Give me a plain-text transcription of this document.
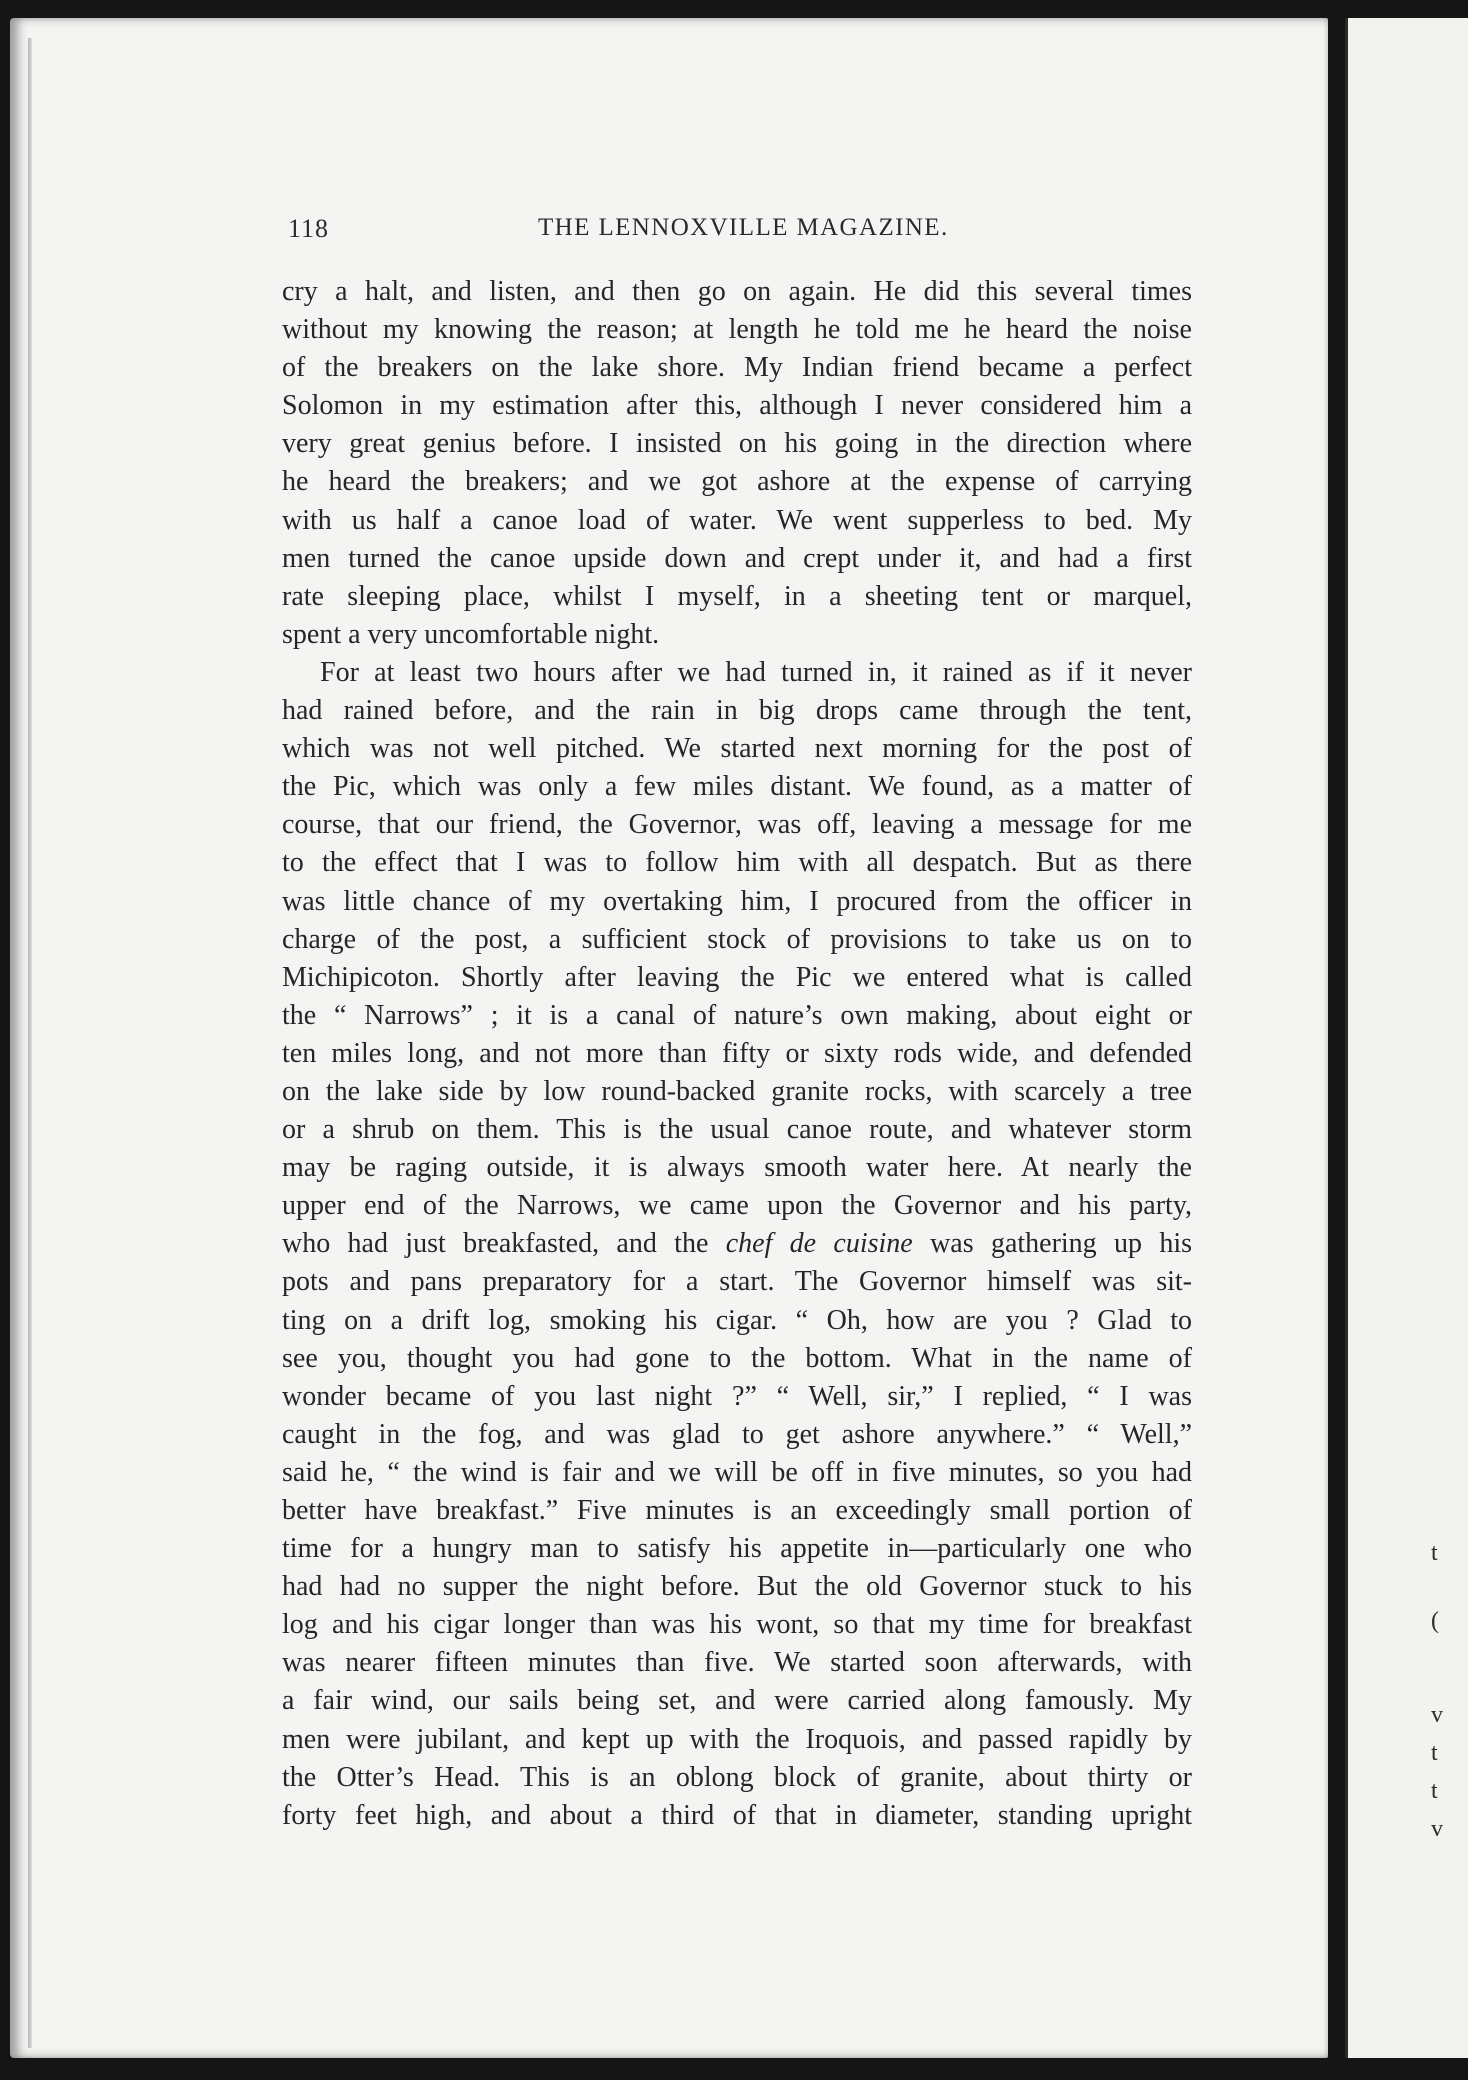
118	THE LENNOXVILLE MAGAZINE.
cry a halt, and listen, and then go on again. He did this several times
without my knowing the reason; at length he told me he heard the noise
of the breakers on the lake shore. My Indian friend became a perfect
Solomon in my estimation after this, although I never considered him a
very great genius before. I insisted on his going in the direction where
he heard the breakers; and we got ashore at the expense of carrying
with us half a canoe load of water. We went supperless to bed. My
men turned the canoe upside down and crept under it, and had a first
rate sleeping place, whilst I myself, in a sheeting tent or marquel,
spent a very uncomfortable night.
For at least two hours after we had turned in, it rained as if it never
had rained before, and the rain in big drops came through the tent,
which was not well pitched. We started next morning for the post of
the Pic, which was only a few miles distant. We found, as a matter of
course, that our friend, the Governor, was off, leaving a message for me
to the effect that I was to follow him with all despatch. But as there
was little chance of my overtaking him, I procured from the officer in
charge of the post, a sufficient stock of provisions to take us on to
Michipicoton. Shortly after leaving the Pic we entered what is called
the “ Narrows” ; it is a canal of nature’s own making, about eight or
ten miles long, and not more than fifty or sixty rods wide, and defended
on the lake side by low round-backed granite rocks, with scarcely a tree
or a shrub on them. This is the usual canoe route, and whatever storm
may be raging outside, it is always smooth water here. At nearly the
upper end of the Narrows, we came upon the Governor and his party,
who had just breakfasted, and the chef de cuisine was gathering up his
pots and pans preparatory for a start. The Governor himself was sit-
ting on a drift log, smoking his cigar. “ Oh, how are you ? Glad to
see you, thought you had gone to the bottom. What in the name of
wonder became of you last night ?” “ Well, sir,” I replied, “ I was
caught in the fog, and was glad to get ashore anywhere.” “ Well,”
said he, “ the wind is fair and we will be off in five minutes, so you had
better have breakfast.” Five minutes is an exceedingly small portion of
time for a hungry man to satisfy his appetite in—particularly one who
had had no supper the night before. But the old Governor stuck to his
log and his cigar longer than was his wont, so that my time for breakfast
was nearer fifteen minutes than five. We started soon afterwards, with
a fair wind, our sails being set, and were carried along famously. My
men were jubilant, and kept up with the Iroquois, and passed rapidly by
the Otter’s Head. This is an oblong block of granite, about thirty or
forty feet high, and about a third of that in diameter, standing upright
t
(
v
t
t
v
